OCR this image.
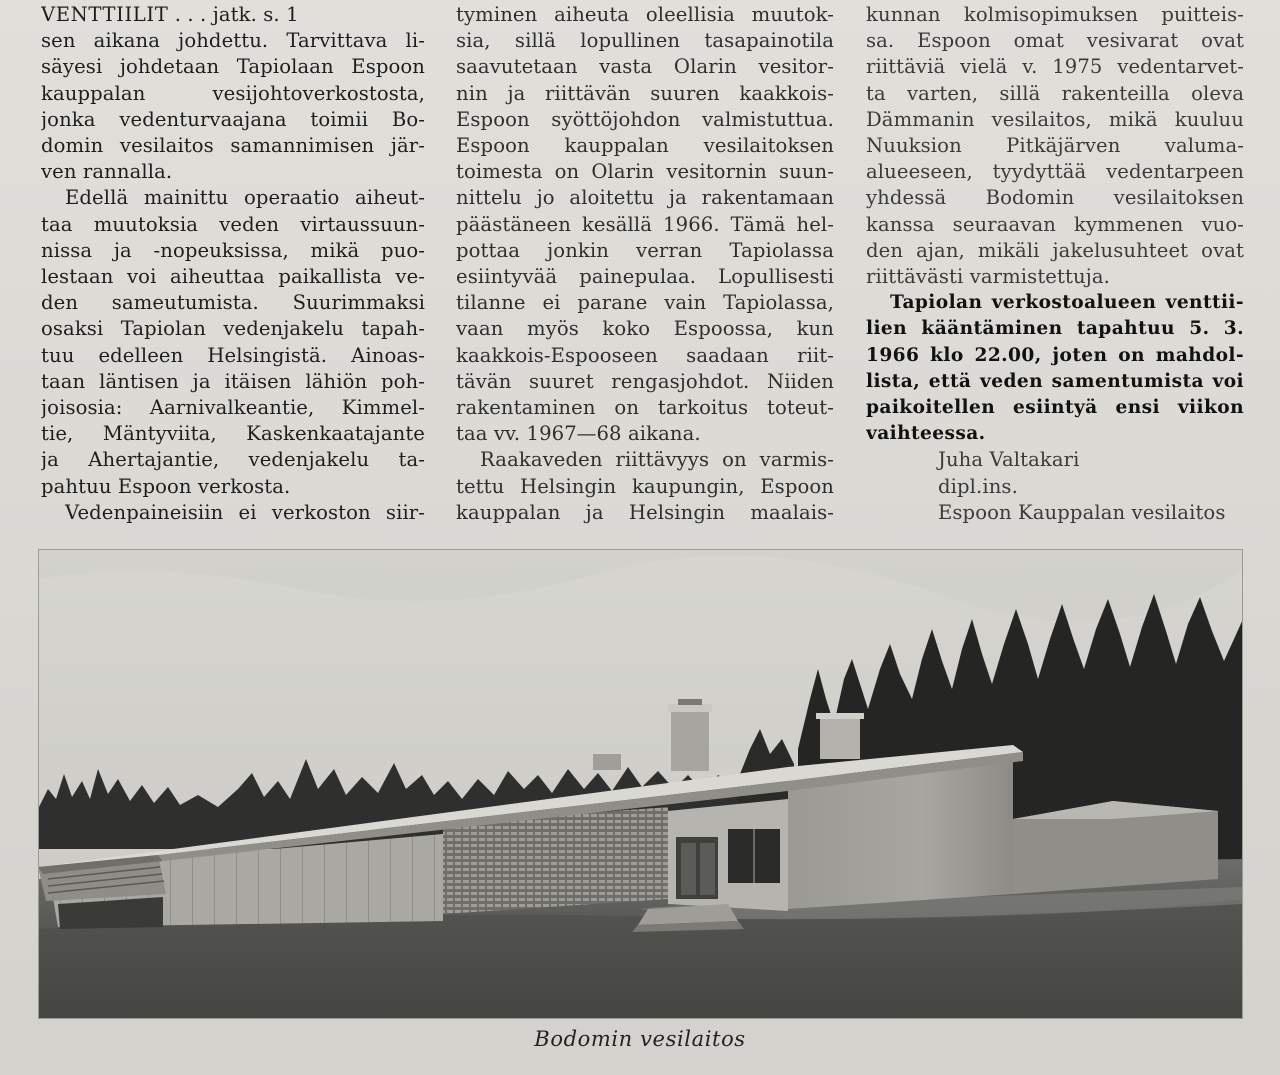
VENTTIILIT . . . jatk. s. 1
sen aikana johdettu. Tarvittava li-
säyesi johdetaan Tapiolaan Espoon
kauppalan vesijohtoverkostosta,
jonka vedenturvaajana toimii Bo-
domin vesilaitos samannimisen jär-
ven rannalla.
Edellä mainittu operaatio aiheut-
taa muutoksia veden virtaussuun-
nissa ja -nopeuksissa, mikä puo-
lestaan voi aiheuttaa paikallista ve-
den sameutumista. Suurimmaksi
osaksi Tapiolan vedenjakelu tapah-
tuu edelleen Helsingistä. Ainoas-
taan läntisen ja itäisen lähiön poh-
joisosia: Aarnivalkeantie, Kimmel-
tie, Mäntyviita, Kaskenkaatajante
ja Ahertajantie, vedenjakelu ta-
pahtuu Espoon verkosta.
Vedenpaineisiin ei verkoston siir-
tyminen aiheuta oleellisia muutok-
sia, sillä lopullinen tasapainotila
saavutetaan vasta Olarin vesitor-
nin ja riittävän suuren kaakkois-
Espoon syöttöjohdon valmistuttua.
Espoon kauppalan vesilaitoksen
toimesta on Olarin vesitornin suun-
nittelu jo aloitettu ja rakentamaan
päästäneen kesällä 1966. Tämä hel-
pottaa jonkin verran Tapiolassa
esiintyvää painepulaa. Lopullisesti
tilanne ei parane vain Tapiolassa,
vaan myös koko Espoossa, kun
kaakkois-Espooseen saadaan riit-
tävän suuret rengasjohdot. Niiden
rakentaminen on tarkoitus toteut-
taa vv. 1967—68 aikana.
Raakaveden riittävyys on varmis-
tettu Helsingin kaupungin, Espoon
kauppalan ja Helsingin maalais-
kunnan kolmisopimuksen puitteis-
sa. Espoon omat vesivarat ovat
riittäviä vielä v. 1975 vedentarvet-
ta varten, sillä rakenteilla oleva
Dämmanin vesilaitos, mikä kuuluu
Nuuksion Pitkäjärven valuma-
alueeseen, tyydyttää vedentarpeen
yhdessä Bodomin vesilaitoksen
kanssa seuraavan kymmenen vuo-
den ajan, mikäli jakelusuhteet ovat
riittävästi varmistettuja.
Tapiolan verkostoalueen venttii-
lien kääntäminen tapahtuu 5. 3.
1966 klo 22.00, joten on mahdol-
lista, että veden samentumista voi
paikoitellen esiintyä ensi viikon
vaihteessa.
Juha Valtakari
dipl.ins.
Espoon Kauppalan vesilaitos
Bodomin vesilaitos
